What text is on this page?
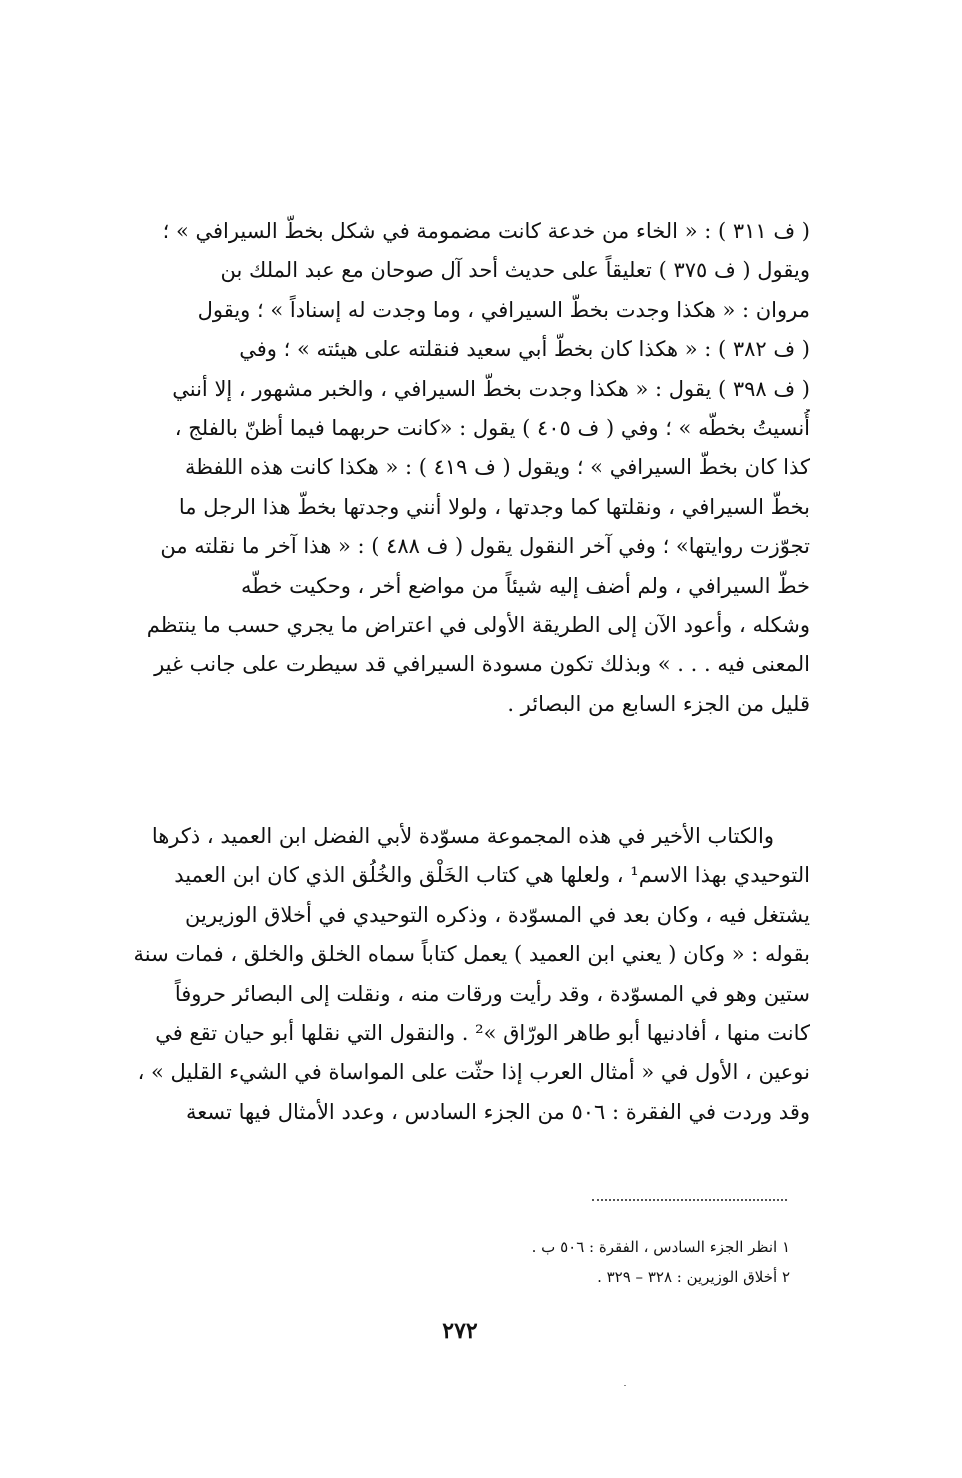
( ف ٣١١ ) : « الخاء من خدعة كانت مضمومة في شكل بخطّ السيرافي » ؛
ويقول ( ف ٣٧٥ ) تعليقاً على حديث أحد آل صوحان مع عبد الملك بن
مروان : « هكذا وجدت بخطّ السيرافي ، وما وجدت له إسناداً » ؛ ويقول
( ف ٣٨٢ ) : « هكذا كان بخطّ أبي سعيد فنقلته على هيئته » ؛ وفي
( ف ٣٩٨ ) يقول : « هكذا وجدت بخطّ السيرافي ، والخبر مشهور ، إلا أنني
أُنسيتُ بخطّه » ؛ وفي ( ف ٤٠٥ ) يقول : «كانت حربهما فيما أظنّ بالفلج ،
كذا كان بخطّ السيرافي » ؛ ويقول ( ف ٤١٩ ) : « هكذا كانت هذه اللفظة
بخطّ السيرافي ، ونقلتها كما وجدتها ، ولولا أنني وجدتها بخطّ هذا الرجل ما
تجوّزت روايتها» ؛ وفي آخر النقول يقول ( ف ٤٨٨ ) : « هذا آخر ما نقلته من
خطّ السيرافي ، ولم أضف إليه شيئاً من مواضع أخر ، وحكيت خطّه
وشكله ، وأعود الآن إلى الطريقة الأولى في اعتراض ما يجري حسب ما ينتظم
المعنى فيه . . . » وبذلك تكون مسودة السيرافي قد سيطرت على جانب غير
قليل من الجزء السابع من البصائر .
والكتاب الأخير في هذه المجموعة مسوّدة لأبي الفضل ابن العميد ، ذكرها
التوحيدي بهذا الاسم¹ ، ولعلها هي كتاب الخَلْق والخُلُق الذي كان ابن العميد
يشتغل فيه ، وكان بعد في المسوّدة ، وذكره التوحيدي في أخلاق الوزيرين
بقوله : « وكان ( يعني ابن العميد ) يعمل كتاباً سماه الخلق والخلق ، فمات سنة
ستين وهو في المسوّدة ، وقد رأيت ورقات منه ، ونقلت إلى البصائر حروفاً
كانت منها ، أفادنيها أبو طاهر الورّاق »² . والنقول التي نقلها أبو حيان تقع في
نوعين ، الأول في « أمثال العرب إذا حثّت على المواساة في الشيء القليل » ،
وقد وردت في الفقرة : ٥٠٦ من الجزء السادس ، وعدد الأمثال فيها تسعة
١ انظر الجزء السادس ، الفقرة : ٥٠٦ ب .
٢ أخلاق الوزيرين : ٣٢٨ – ٣٢٩ .
٢٧٢
